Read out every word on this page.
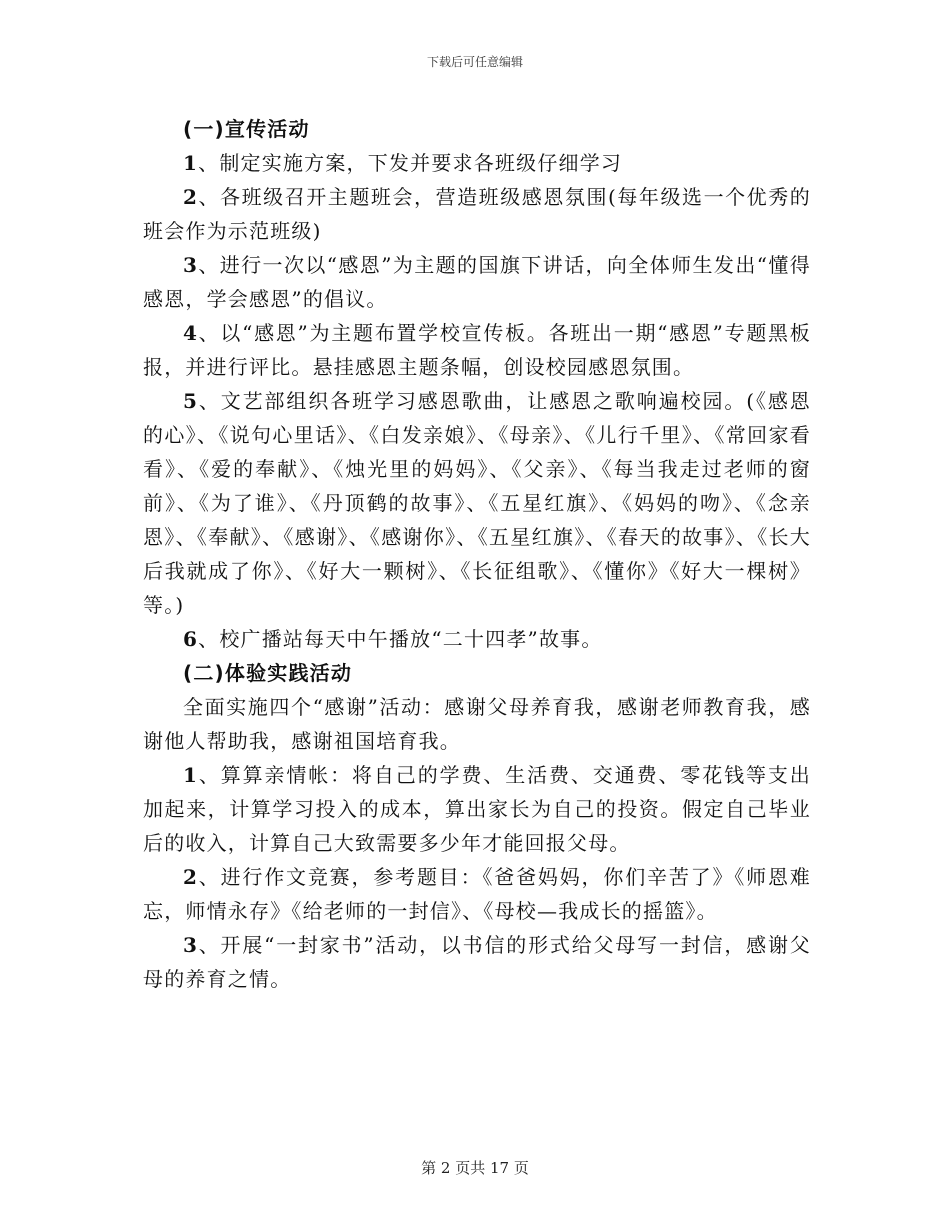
下载后可任意编辑

(一)宣传活动

1、制定实施方案，下发并要求各班级仔细学习

2、各班级召开主题班会，营造班级感恩氛围(每年级选一个优秀的班会作为示范班级)

3、进行一次以“感恩”为主题的国旗下讲话，向全体师生发出“懂得感恩，学会感恩”的倡议。

4、以“感恩”为主题布置学校宣传板。各班出一期“感恩”专题黑板报，并进行评比。悬挂感恩主题条幅，创设校园感恩氛围。

5、文艺部组织各班学习感恩歌曲，让感恩之歌响遍校园。(《感恩的心》、《说句心里话》、《白发亲娘》、《母亲》、《儿行千里》、《常回家看看》、《爱的奉献》、《烛光里的妈妈》、《父亲》、《每当我走过老师的窗前》、《为了谁》、《丹顶鹤的故事》、《五星红旗》、《妈妈的吻》、《念亲恩》、《奉献》、《感谢》、《感谢你》、《五星红旗》、《春天的故事》、《长大后我就成了你》、《好大一颗树》、《长征组歌》、《懂你》《好大一棵树》等。)

6、校广播站每天中午播放“二十四孝”故事。

(二)体验实践活动

全面实施四个“感谢”活动：感谢父母养育我，感谢老师教育我，感谢他人帮助我，感谢祖国培育我。

1、算算亲情帐：将自己的学费、生活费、交通费、零花钱等支出加起来，计算学习投入的成本，算出家长为自己的投资。假定自己毕业后的收入，计算自己大致需要多少年才能回报父母。

2、进行作文竞赛，参考题目：《爸爸妈妈，你们辛苦了》《师恩难忘，师情永存》《给老师的一封信》、《母校—我成长的摇篮》。

3、开展“一封家书”活动，以书信的形式给父母写一封信，感谢父母的养育之情。

第 2 页共 17 页
